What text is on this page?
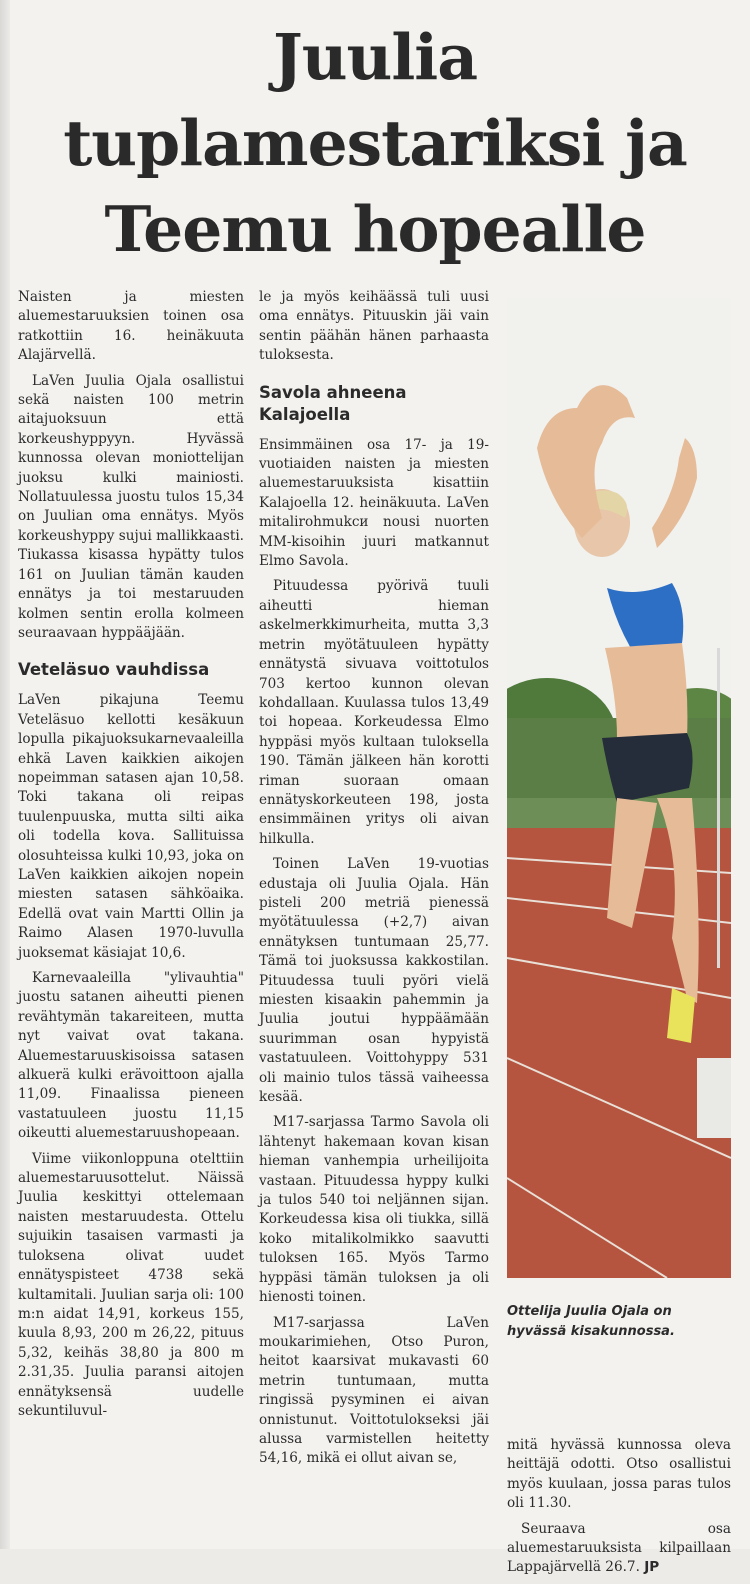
Juulia tuplamestariksi ja Teemu hopealle

Naisten ja miesten aluemestaruuksien toinen osa ratkottiin 16. heinäkuuta Alajärvellä.

LaVen Juulia Ojala osallistui sekä naisten 100 metrin aitajuoksuun että korkeushyppyyn. Hyvässä kunnossa olevan moniottelijan juoksu kulki mainiosti. Nollatuulessa juostu tulos 15,34 on Juulian oma ennätys. Myös korkeushyppy sujui mallikkaasti. Tiukassa kisassa hypätty tulos 161 on Juulian tämän kauden ennätys ja toi mestaruuden kolmen sentin erolla kolmeen seuraavaan hyppääjään.

Veteläsuo vauhdissa

LaVen pikajuna Teemu Veteläsuo kellotti kesäkuun lopulla pikajuoksukarnevaaleilla ehkä Laven kaikkien aikojen nopeimman satasen ajan 10,58. Toki takana oli reipas tuulenpuuska, mutta silti aika oli todella kova. Sallituissa olosuhteissa kulki 10,93, joka on LaVen kaikkien aikojen nopein miesten satasen sähköaika. Edellä ovat vain Martti Ollin ja Raimo Alasen 1970-luvulla juoksemat käsiajat 10,6.

Karnevaaleilla "ylivauhtia" juostu satanen aiheutti pienen revähtymän takareiteen, mutta nyt vaivat ovat takana. Aluemestaruuskisoissa satasen alkuerä kulki erävoittoon ajalla 11,09. Finaalissa pieneen vastatuuleen juostu 11,15 oikeutti aluemestaruushopeaan.

Viime viikonloppuna otelttiin aluemestaruusottelut. Näissä Juulia keskittyi ottelemaan naisten mestaruudesta. Ottelu sujuikin tasaisen varmasti ja tuloksena olivat uudet ennätyspisteet 4738 sekä kultamitali. Juulian sarja oli: 100 m:n aidat 14,91, korkeus 155, kuula 8,93, 200 m 26,22, pituus 5,32, keihäs 38,80 ja 800 m 2.31,35. Juulia paransi aitojen ennätyksensä uudelle sekuntiluvul-

le ja myös keihäässä tuli uusi oma ennätys. Pituuskin jäi vain sentin päähän hänen parhaasta tuloksesta.

Savola ahneena Kalajoella

Ensimmäinen osa 17- ja 19-vuotiaiden naisten ja miesten aluemestaruuksista kisattiin Kalajoella 12. heinäkuuta. LaVen mitalirohmukси nousi nuorten MM-kisoihin juuri matkannut Elmo Savola.

Pituudessa pyörivä tuuli aiheutti hieman askelmerkkimurheita, mutta 3,3 metrin myötätuuleen hypätty ennätystä sivuava voittotulos 703 kertoo kunnon olevan kohdallaan. Kuulassa tulos 13,49 toi hopeaa. Korkeudessa Elmo hyppäsi myös kultaan tuloksella 190. Tämän jälkeen hän korotti riman suoraan omaan ennätyskorkeuteen 198, josta ensimmäinen yritys oli aivan hilkulla.

Toinen LaVen 19-vuotias edustaja oli Juulia Ojala. Hän pisteli 200 metriä pienessä myötätuulessa (+2,7) aivan ennätyksen tuntumaan 25,77. Tämä toi juoksussa kakkostilan. Pituudessa tuuli pyöri vielä miesten kisaakin pahemmin ja Juulia joutui hyppäämään suurimman osan hypyistä vastatuuleen. Voittohyppy 531 oli mainio tulos tässä vaiheessa kesää.

M17-sarjassa Tarmo Savola oli lähtenyt hakemaan kovan kisan hieman vanhempia urheilijoita vastaan. Pituudessa hyppy kulki ja tulos 540 toi neljännen sijan. Korkeudessa kisa oli tiukka, sillä koko mitalikolmikko saavutti tuloksen 165. Myös Tarmo hyppäsi tämän tuloksen ja oli hienosti toinen.

M17-sarjassa LaVen moukarimiehen, Otso Puron, heitot kaarsivat mukavasti 60 metrin tuntumaan, mutta ringissä pysyminen ei aivan onnistunut. Voittotulokseksi jäi alussa varmistellen heitetty 54,16, mikä ei ollut aivan se,

Ottelija Juulia Ojala on hyvässä kisakunnossa.

mitä hyvässä kunnossa oleva heittäjä odotti. Otso osallistui myös kuulaan, jossa paras tulos oli 11.30.

Seuraava osa aluemestaruuksista kilpaillaan Lappajärvellä 26.7. JP
